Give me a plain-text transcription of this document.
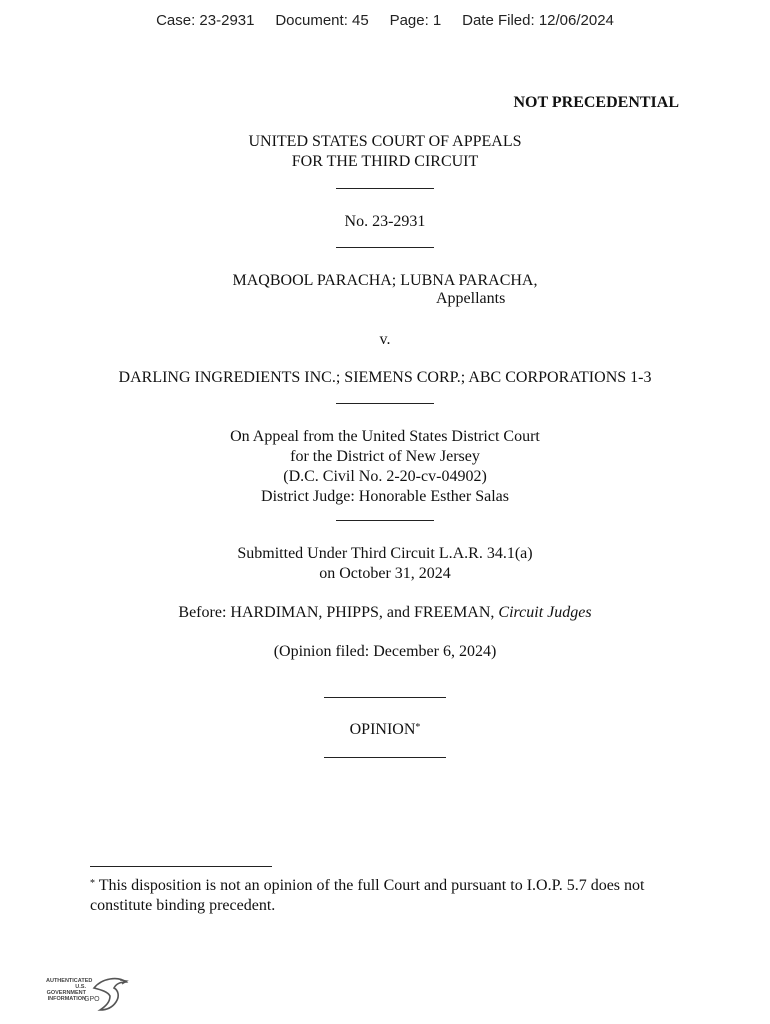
Case: 23-2931 Document: 45 Page: 1 Date Filed: 12/06/2024
NOT PRECEDENTIAL
UNITED STATES COURT OF APPEALS
FOR THE THIRD CIRCUIT
No. 23-2931
MAQBOOL PARACHA; LUBNA PARACHA,
Appellants
v.
DARLING INGREDIENTS INC.; SIEMENS CORP.; ABC CORPORATIONS 1-3
On Appeal from the United States District Court
for the District of New Jersey
(D.C. Civil No. 2-20-cv-04902)
District Judge: Honorable Esther Salas
Submitted Under Third Circuit L.A.R. 34.1(a)
on October 31, 2024
Before: HARDIMAN, PHIPPS, and FREEMAN, Circuit Judges
(Opinion filed: December 6, 2024)
OPINION*
* This disposition is not an opinion of the full Court and pursuant to I.O.P. 5.7 does not
constitute binding precedent.
AUTHENTICATED
U.S. GOVERNMENT
INFORMATION
GPO
